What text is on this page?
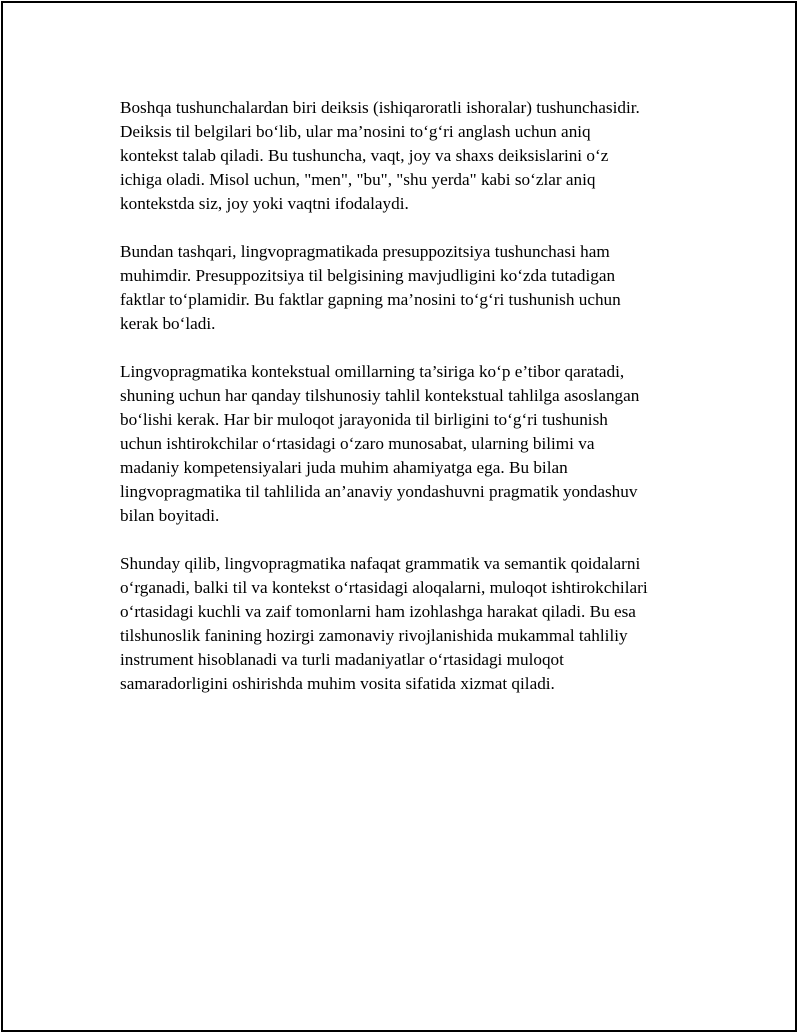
Boshqa tushunchalardan biri deiksis (ishiqaroratli ishoralar) tushunchasidir.
Deiksis til belgilari bo‘lib, ular ma’nosini to‘g‘ri anglash uchun aniq
kontekst talab qiladi. Bu tushuncha, vaqt, joy va shaxs deiksislarini o‘z
ichiga oladi. Misol uchun, "men", "bu", "shu yerda" kabi so‘zlar aniq
kontekstda siz, joy yoki vaqtni ifodalaydi.

Bundan tashqari, lingvopragmatikada presuppozitsiya tushunchasi ham
muhimdir. Presuppozitsiya til belgisining mavjudligini ko‘zda tutadigan
faktlar to‘plamidir. Bu faktlar gapning ma’nosini to‘g‘ri tushunish uchun
kerak bo‘ladi.

Lingvopragmatika kontekstual omillarning ta’siriga ko‘p e’tibor qaratadi,
shuning uchun har qanday tilshunosiy tahlil kontekstual tahlilga asoslangan
bo‘lishi kerak. Har bir muloqot jarayonida til birligini to‘g‘ri tushunish
uchun ishtirokchilar o‘rtasidagi o‘zaro munosabat, ularning bilimi va
madaniy kompetensiyalari juda muhim ahamiyatga ega. Bu bilan
lingvopragmatika til tahlilida an’anaviy yondashuvni pragmatik yondashuv
bilan boyitadi.

Shunday qilib, lingvopragmatika nafaqat grammatik va semantik qoidalarni
o‘rganadi, balki til va kontekst o‘rtasidagi aloqalarni, muloqot ishtirokchilari
o‘rtasidagi kuchli va zaif tomonlarni ham izohlashga harakat qiladi. Bu esa
tilshunoslik fanining hozirgi zamonaviy rivojlanishida mukammal tahliliy
instrument hisoblanadi va turli madaniyatlar o‘rtasidagi muloqot
samaradorligini oshirishda muhim vosita sifatida xizmat qiladi.
